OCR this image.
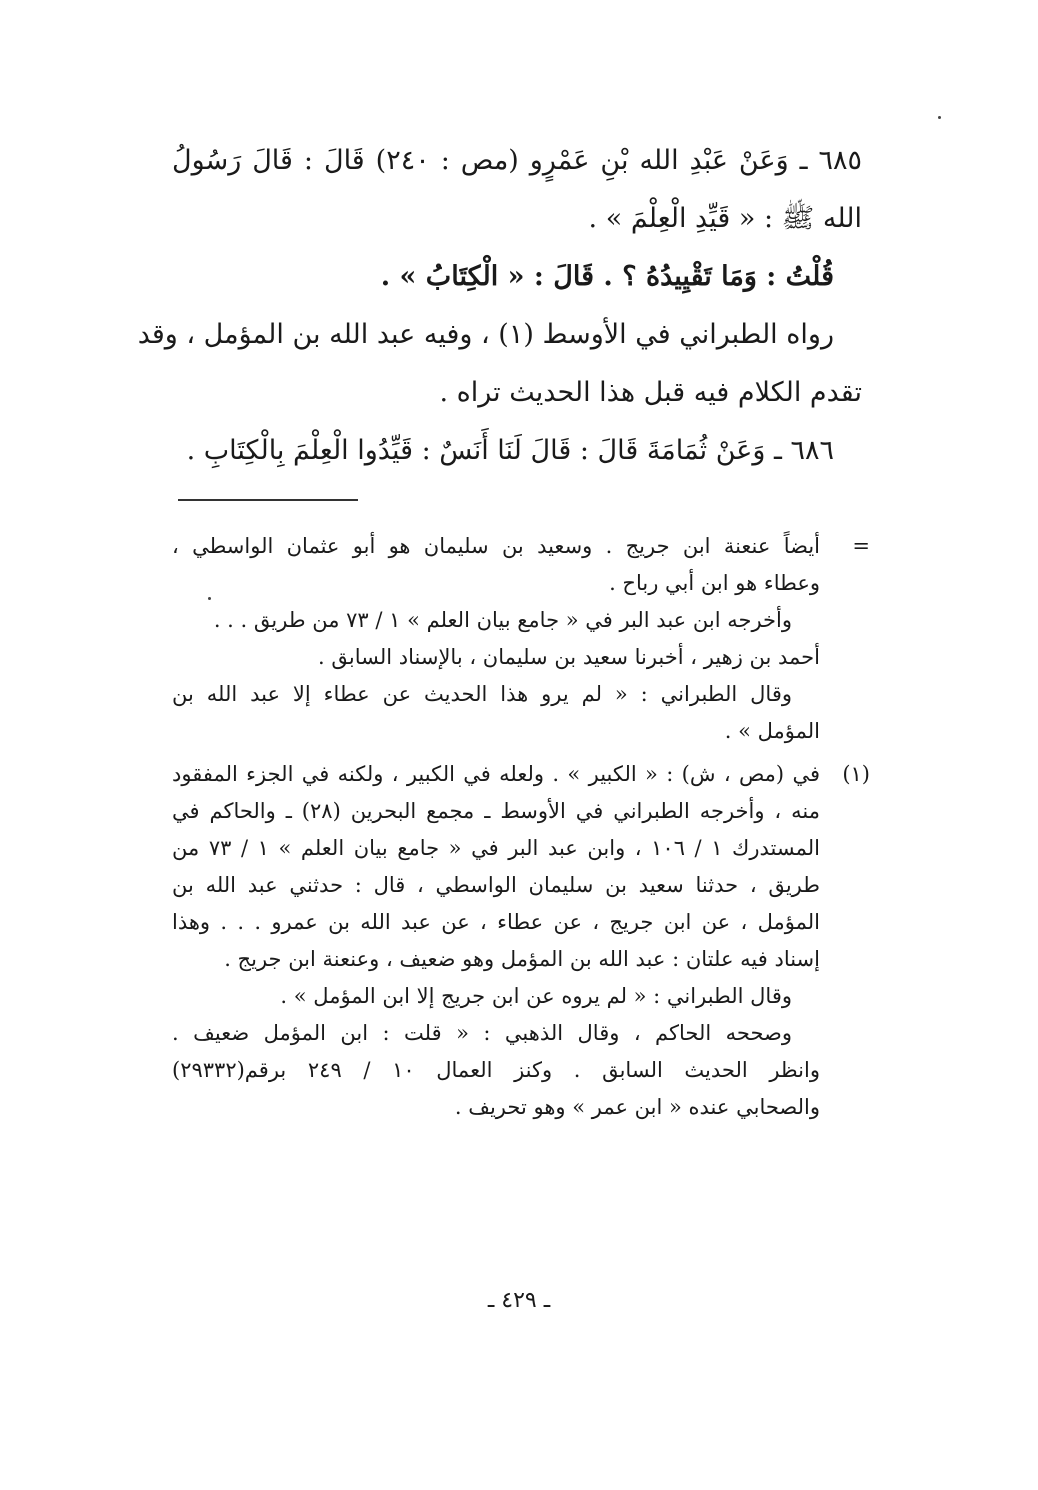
٦٨٥ ـ وَعَنْ عَبْدِ الله بْنِ عَمْرٍو (مص : ٢٤٠) قَالَ : قَالَ رَسُولُ
الله ﷺ : « قَيِّدِ الْعِلْمَ » .
قُلْتُ : وَمَا تَقْيِيدُهُ ؟ . قَالَ : « الْكِتَابُ » .
رواه الطبراني في الأوسط (١) ، وفيه عبد الله بن المؤمل ، وقد
تقدم الكلام فيه قبل هذا الحديث تراه .
٦٨٦ ـ وَعَنْ ثُمَامَةَ قَالَ : قَالَ لَنَا أَنَسٌ : قَيِّدُوا الْعِلْمَ بِالْكِتَابِ .
=
أيضاً عنعنة ابن جريج . وسعيد بن سليمان هو أبو عثمان الواسطي ،
وعطاء هو ابن أبي رباح .
وأخرجه ابن عبد البر في « جامع بيان العلم » ١ / ٧٣ من طريق . . .
أحمد بن زهير ، أخبرنا سعيد بن سليمان ، بالإسناد السابق .
وقال الطبراني : « لم يرو هذا الحديث عن عطاء إلا عبد الله بن
المؤمل » .
(١)
في (مص ، ش) : « الكبير » . ولعله في الكبير ، ولكنه في الجزء المفقود
منه ، وأخرجه الطبراني في الأوسط ـ مجمع البحرين (٢٨) ـ والحاكم في
المستدرك ١ / ١٠٦ ، وابن عبد البر في « جامع بيان العلم » ١ / ٧٣ من
طريق ، حدثنا سعيد بن سليمان الواسطي ، قال : حدثني عبد الله بن
المؤمل ، عن ابن جريج ، عن عطاء ، عن عبد الله بن عمرو . . . وهذا
إسناد فيه علتان : عبد الله بن المؤمل وهو ضعيف ، وعنعنة ابن جريج .
وقال الطبراني : « لم يروه عن ابن جريج إلا ابن المؤمل » .
وصححه الحاكم ، وقال الذهبي : « قلت : ابن المؤمل ضعيف .
وانظر الحديث السابق . وكنز العمال ١٠ / ٢٤٩ برقم(٢٩٣٣٢)
والصحابي عنده « ابن عمر » وهو تحريف .
ـ ٤٢٩ ـ
